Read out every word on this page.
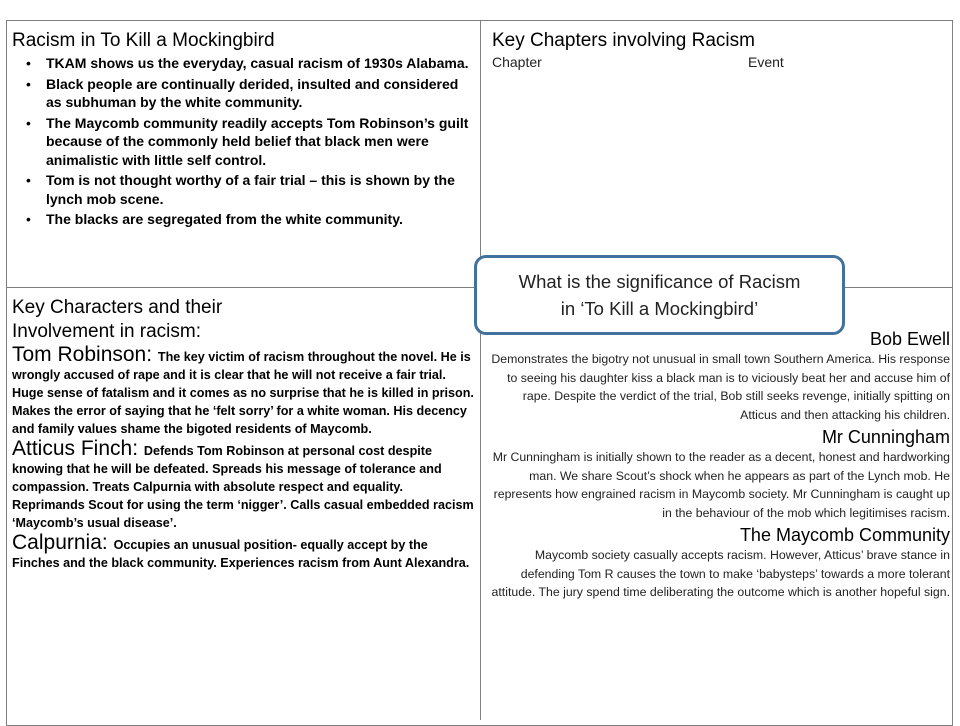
Racism in To Kill a Mockingbird
• TKAM shows us the everyday, casual racism of 1930s Alabama.
• Black people are continually derided, insulted and considered as subhuman by the white community.
• The Maycomb community readily accepts Tom Robinson’s guilt because of the commonly held belief that black men were animalistic with little self control.
• Tom is not thought worthy of a fair trial – this is shown by the lynch mob scene.
• The blacks are segregated from the white community.
Key Chapters involving Racism
Chapter	Event
Key Characters and their
Involvement in racism:
Tom Robinson: The key victim of racism throughout the novel. He is wrongly accused of rape and it is clear that he will not receive a fair trial. Huge sense of fatalism and it comes as no surprise that he is killed in prison. Makes the error of saying that he ‘felt sorry’ for a white woman. His decency and family values shame the bigoted residents of Maycomb.
Atticus Finch: Defends Tom Robinson at personal cost despite knowing that he will be defeated. Spreads his message of tolerance and compassion. Treats Calpurnia with absolute respect and equality. Reprimands Scout for using the term ‘nigger’. Calls casual embedded racism ‘Maycomb’s usual disease’.
Calpurnia: Occupies an unusual position- equally accept by the Finches and the black community. Experiences racism from Aunt Alexandra.
Bob Ewell
Demonstrates the bigotry not unusual in small town Southern America. His response to seeing his daughter kiss a black man is to viciously beat her and accuse him of rape. Despite the verdict of the trial, Bob still seeks revenge, initially spitting on Atticus and then attacking his children.
Mr Cunningham
Mr Cunningham is initially shown to the reader as a decent, honest and hardworking man. We share Scout’s shock when he appears as part of the Lynch mob. He represents how engrained racism in Maycomb society. Mr Cunningham is caught up in the behaviour of the mob which legitimises racism.
The Maycomb Community
Maycomb society casually accepts racism. However, Atticus’ brave stance in defending Tom R causes the town to make ‘babysteps’ towards a more tolerant attitude. The jury spend time deliberating the outcome which is another hopeful sign.
What is the significance of Racism
in ‘To Kill a Mockingbird’
